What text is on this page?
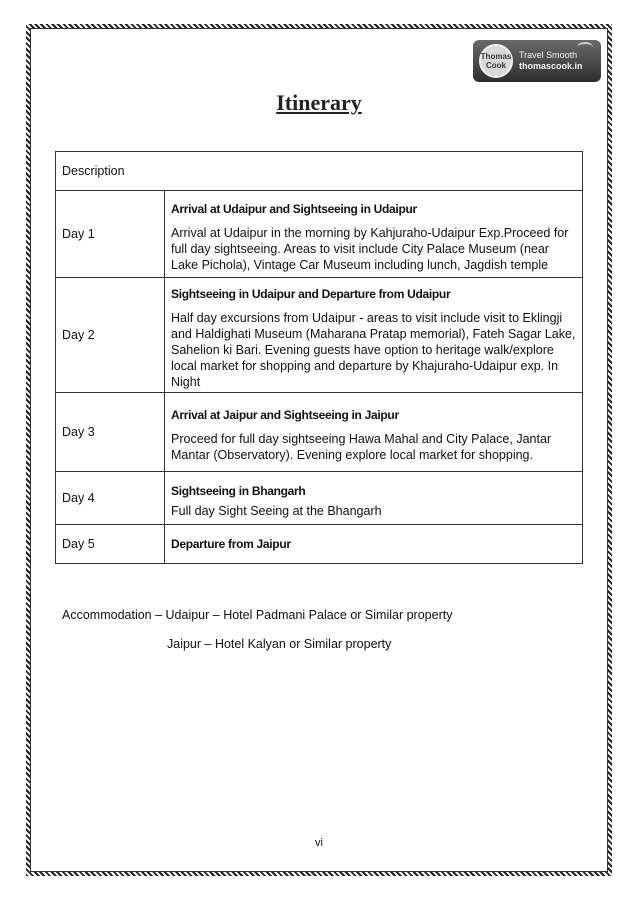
Thomas
Cook
Travel Smooth
thomascook.in
Itinerary
Description	
Day 1	Arrival at Udaipur and Sightseeing in Udaipur
Arrival at Udaipur in the morning by Kahjuraho-Udaipur Exp.Proceed for full day sightseeing. Areas to visit include City Palace Museum (near Lake Pichola), Vintage Car Museum including lunch, Jagdish temple

Day 2	Sightseeing in Udaipur and Departure from Udaipur
Half day excursions from Udaipur - areas to visit include visit to Eklingji and Haldighati Museum (Maharana Pratap memorial), Fateh Sagar Lake, Sahelion ki Bari. Evening guests have option to heritage walk/explore local market for shopping and departure by Khajuraho-Udaipur exp. In Night

Day 3	Arrival at Jaipur and Sightseeing in Jaipur
Proceed for full day sightseeing Hawa Mahal and City Palace, Jantar Mantar (Observatory). Evening explore local market for shopping.

Day 4	Sightseeing in Bhangarh
Full day Sight Seeing at the Bhangarh

Day 5	Departure from Jaipur
Accommodation – Udaipur – Hotel Padmani Palace or Similar property
Jaipur – Hotel Kalyan or Similar property
vi
